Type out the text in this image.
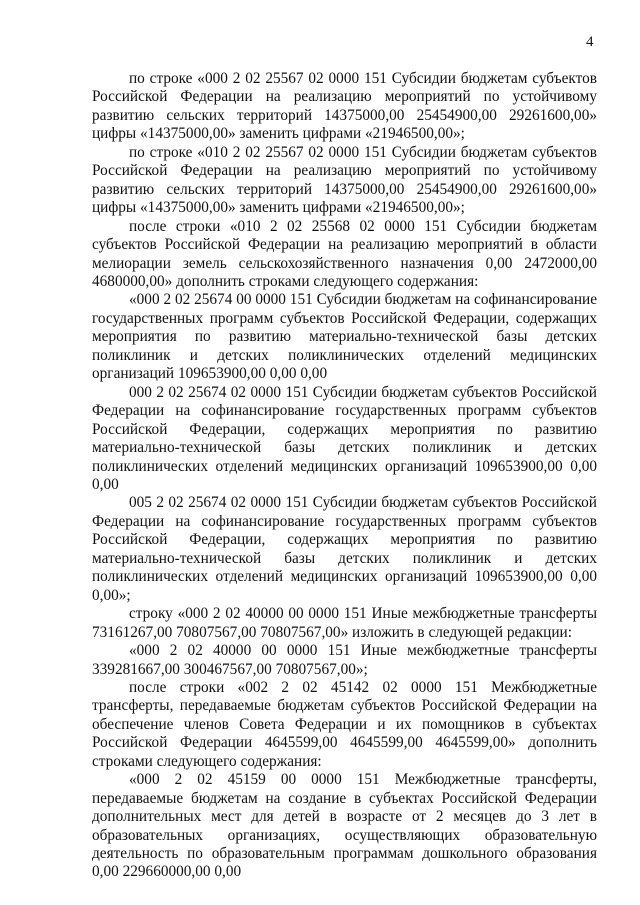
4

по строке «000 2 02 25567 02 0000 151 Субсидии бюджетам субъектов Российской Федерации на реализацию мероприятий по устойчивому развитию сельских территорий 14375000,00 25454900,00 29261600,00» цифры «14375000,00» заменить цифрами «21946500,00»;

по строке «010 2 02 25567 02 0000 151 Субсидии бюджетам субъектов Российской Федерации на реализацию мероприятий по устойчивому развитию сельских территорий 14375000,00 25454900,00 29261600,00» цифры «14375000,00» заменить цифрами «21946500,00»;

после строки «010 2 02 25568 02 0000 151 Субсидии бюджетам субъектов Российской Федерации на реализацию мероприятий в области мелиорации земель сельскохозяйственного назначения 0,00 2472000,00 4680000,00» дополнить строками следующего содержания:

«000 2 02 25674 00 0000 151 Субсидии бюджетам на софинансирование государственных программ субъектов Российской Федерации, содержащих мероприятия по развитию материально-технической базы детских поликлиник и детских поликлинических отделений медицинских организаций 109653900,00 0,00 0,00

000 2 02 25674 02 0000 151 Субсидии бюджетам субъектов Российской Федерации на софинансирование государственных программ субъектов Российской Федерации, содержащих мероприятия по развитию материально-технической базы детских поликлиник и детских поликлинических отделений медицинских организаций 109653900,00 0,00 0,00

005 2 02 25674 02 0000 151 Субсидии бюджетам субъектов Российской Федерации на софинансирование государственных программ субъектов Российской Федерации, содержащих мероприятия по развитию материально-технической базы детских поликлиник и детских поликлинических отделений медицинских организаций 109653900,00 0,00 0,00»;

строку «000 2 02 40000 00 0000 151 Иные межбюджетные трансферты 73161267,00 70807567,00 70807567,00» изложить в следующей редакции:

«000 2 02 40000 00 0000 151 Иные межбюджетные трансферты 339281667,00 300467567,00 70807567,00»;

после строки «002 2 02 45142 02 0000 151 Межбюджетные трансферты, передаваемые бюджетам субъектов Российской Федерации на обеспечение членов Совета Федерации и их помощников в субъектах Российской Федерации 4645599,00 4645599,00 4645599,00» дополнить строками следующего содержания:

«000 2 02 45159 00 0000 151 Межбюджетные трансферты, передаваемые бюджетам на создание в субъектах Российской Федерации дополнительных мест для детей в возрасте от 2 месяцев до 3 лет в образовательных организациях, осуществляющих образовательную деятельность по образовательным программам дошкольного образования 0,00 229660000,00 0,00
